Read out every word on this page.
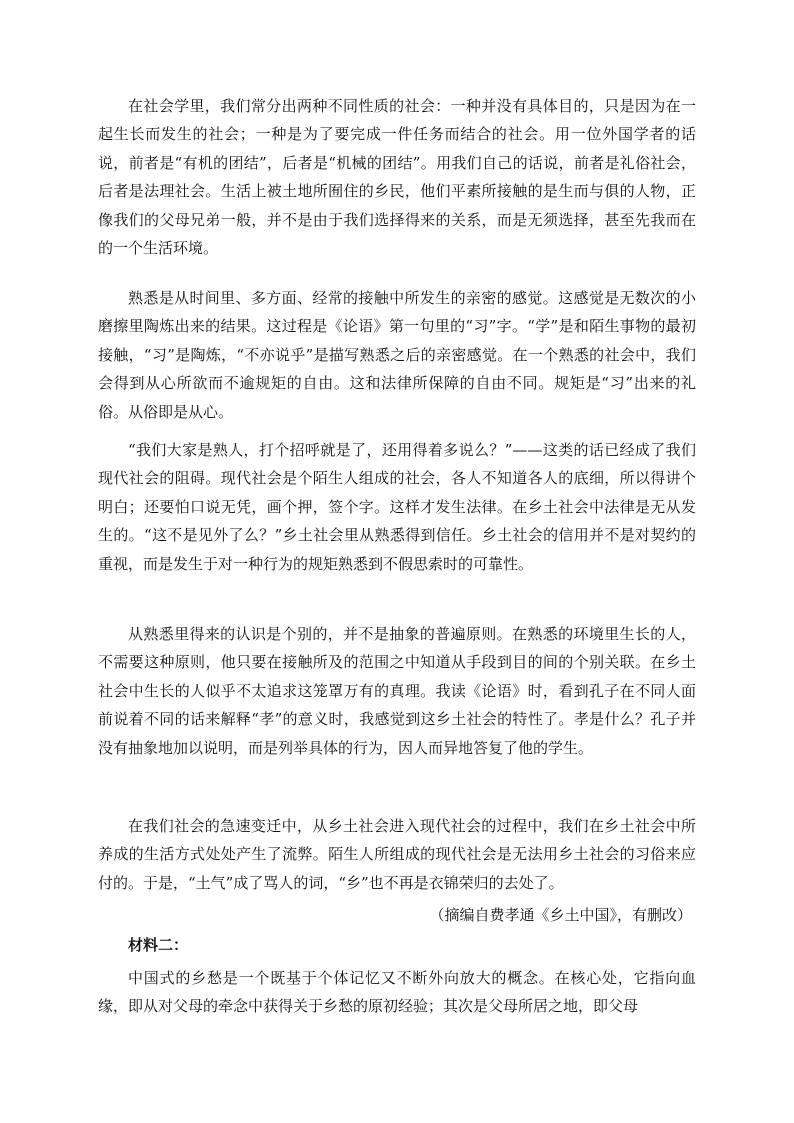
在社会学里，我们常分出两种不同性质的社会：一种并没有具体目的，只是因为在一起生长而发生的社会；一种是为了要完成一件任务而结合的社会。用一位外国学者的话说，前者是“有机的团结”，后者是“机械的团结”。用我们自己的话说，前者是礼俗社会，后者是法理社会。生活上被土地所囿住的乡民，他们平素所接触的是生而与俱的人物，正像我们的父母兄弟一般，并不是由于我们选择得来的关系，而是无须选择，甚至先我而在的一个生活环境。

熟悉是从时间里、多方面、经常的接触中所发生的亲密的感觉。这感觉是无数次的小磨擦里陶炼出来的结果。这过程是《论语》第一句里的“习”字。“学”是和陌生事物的最初接触，“习”是陶炼，“不亦说乎”是描写熟悉之后的亲密感觉。在一个熟悉的社会中，我们会得到从心所欲而不逾规矩的自由。这和法律所保障的自由不同。规矩是“习”出来的礼俗。从俗即是从心。

“我们大家是熟人，打个招呼就是了，还用得着多说么？”——这类的话已经成了我们现代社会的阻碍。现代社会是个陌生人组成的社会，各人不知道各人的底细，所以得讲个明白；还要怕口说无凭，画个押，签个字。这样才发生法律。在乡土社会中法律是无从发生的。“这不是见外了么？”乡土社会里从熟悉得到信任。乡土社会的信用并不是对契约的重视，而是发生于对一种行为的规矩熟悉到不假思索时的可靠性。

从熟悉里得来的认识是个别的，并不是抽象的普遍原则。在熟悉的环境里生长的人，不需要这种原则，他只要在接触所及的范围之中知道从手段到目的间的个别关联。在乡土社会中生长的人似乎不太追求这笼罩万有的真理。我读《论语》时，看到孔子在不同人面前说着不同的话来解释“孝”的意义时，我感觉到这乡土社会的特性了。孝是什么？孔子并没有抽象地加以说明，而是列举具体的行为，因人而异地答复了他的学生。

在我们社会的急速变迁中，从乡土社会进入现代社会的过程中，我们在乡土社会中所养成的生活方式处处产生了流弊。陌生人所组成的现代社会是无法用乡土社会的习俗来应付的。于是，“土气”成了骂人的词，“乡”也不再是衣锦荣归的去处了。

（摘编自费孝通《乡土中国》，有删改）

材料二：

中国式的乡愁是一个既基于个体记忆又不断外向放大的概念。在核心处，它指向血缘，即从对父母的牵念中获得关于乡愁的原初经验；其次是父母所居之地，即父母
